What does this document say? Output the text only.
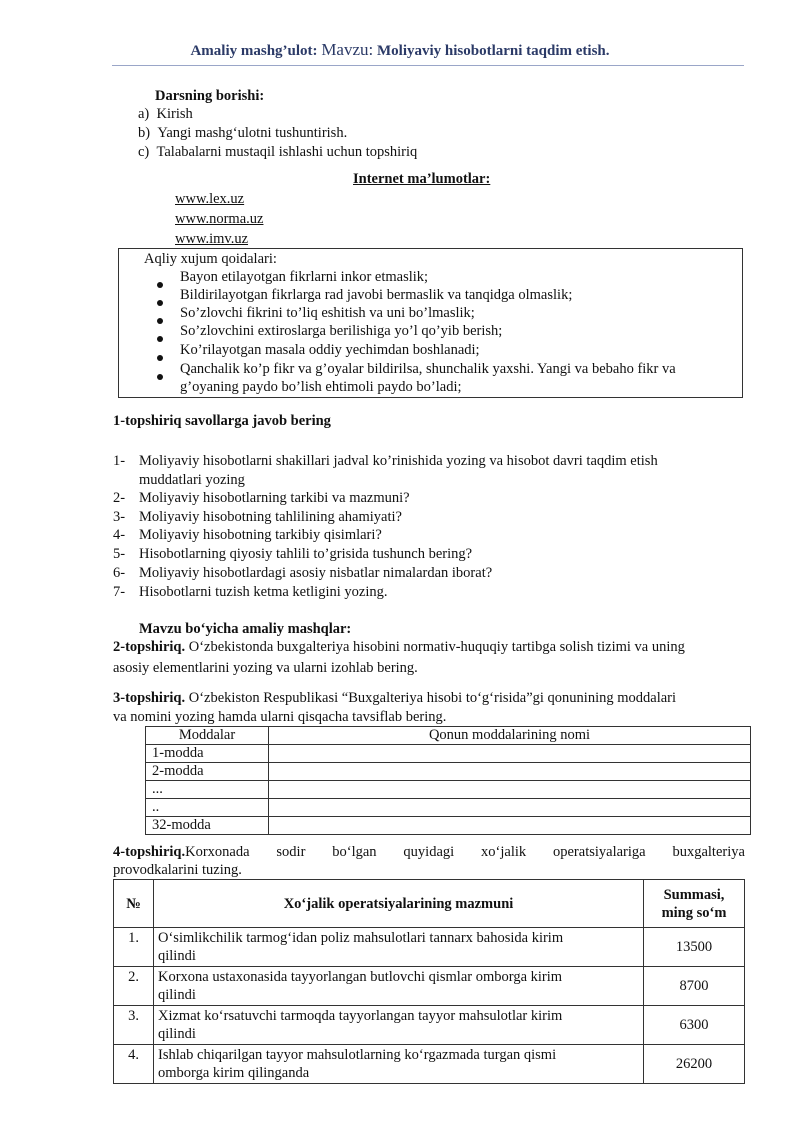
Amaliy mashg’ulot: Mavzu: Moliyaviy hisobotlarni taqdim etish.
Darsning borishi:
a) Kirish
b) Yangi mashg‘ulotni tushuntirish.
c) Talabalarni mustaqil ishlashi uchun topshiriq
Internet ma’lumotlar:
www.lex.uz
www.norma.uz
www.imv.uz
Aqliy xujum qoidalari:
Bayon etilayotgan fikrlarni inkor etmaslik;
Bildirilayotgan fikrlarga rad javobi bermaslik va tanqidga olmaslik;
So’zlovchi fikrini to’liq eshitish va uni bo’lmaslik;
So’zlovchini extiroslarga berilishiga yo’l qo’yib berish;
Ko’rilayotgan masala oddiy yechimdan boshlanadi;
Qanchalik ko’p fikr va g’oyalar bildirilsa, shunchalik yaxshi. Yangi va bebaho fikr va
g’oyaning paydo bo’lish ehtimoli paydo bo’ladi;
1-topshiriq savollarga javob bering
1- Moliyaviy hisobotlarni shakillari jadval ko’rinishida yozing va hisobot davri taqdim etish
muddatlari yozing
2- Moliyaviy hisobotlarning tarkibi va mazmuni?
3- Moliyaviy hisobotning tahlilining ahamiyati?
4- Moliyaviy hisobotning tarkibiy qisimlari?
5- Hisobotlarning qiyosiy tahlili to’grisida tushunch bering?
6- Moliyaviy hisobotlardagi asosiy nisbatlar nimalardan iborat?
7- Hisobotlarni tuzish ketma ketligini yozing.
Mavzu bo‘yicha amaliy mashqlar:
2-topshiriq. O‘zbekistonda buxgalteriya hisobini normativ-huquqiy tartibga solish tizimi va uning
asosiy elementlarini yozing va ularni izohlab bering.
3-topshiriq. O‘zbekiston Respublikasi “Buxgalteriya hisobi to‘g‘risida”gi qonunining moddalari
va nomini yozing hamda ularni qisqacha tavsiflab bering.
Moddalar	Qonun moddalarining nomi
1-modda	
2-modda	
...	
..	
32-modda	
4-topshiriq.Korxonada sodir bo‘lgan quyidagi xo‘jalik operatsiyalariga buxgalteriya
provodkalarini tuzing.
№	Xo‘jalik operatsiyalarining mazmuni	Summasi,
ming so‘m

1.	O‘simlikchilik tarmog‘idan poliz mahsulotlari tannarx bahosida kirim
qilindi	13500
2.	Korxona ustaxonasida tayyorlangan butlovchi qismlar omborga kirim
qilindi	8700
3.	Xizmat ko‘rsatuvchi tarmoqda tayyorlangan tayyor mahsulotlar kirim
qilindi	6300
4.	Ishlab chiqarilgan tayyor mahsulotlarning ko‘rgazmada turgan qismi
omborga kirim qilinganda	26200
